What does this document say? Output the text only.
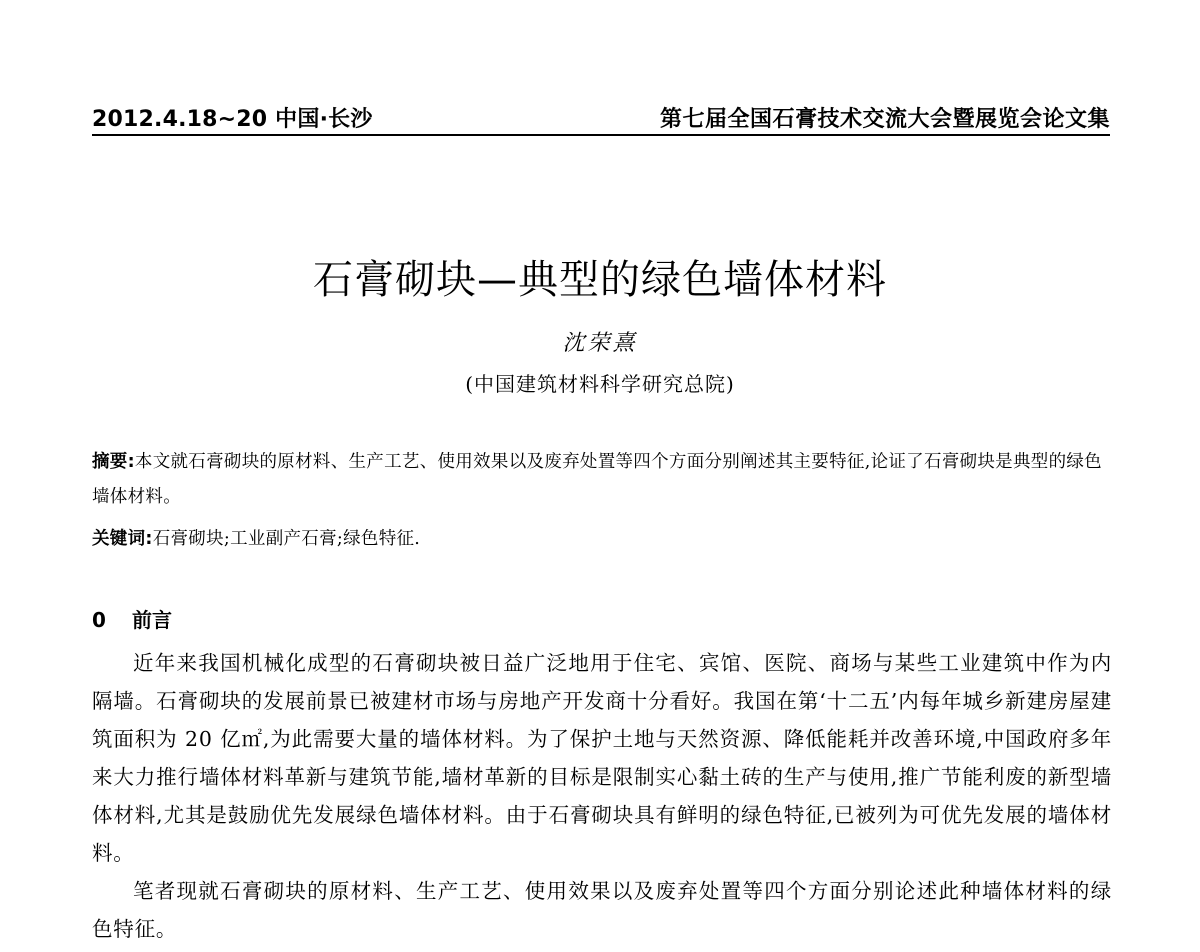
2012.4.18~20 中国·长沙	第七届全国石膏技术交流大会暨展览会论文集
石膏砌块—典型的绿色墙体材料
沈荣熹
(中国建筑材料科学研究总院)
摘要:本文就石膏砌块的原材料、生产工艺、使用效果以及废弃处置等四个方面分别阐述其主要特征,论证了石膏砌块是典型的绿色墙体材料。
关键词:石膏砌块;工业副产石膏;绿色特征.
0 前言

近年来我国机械化成型的石膏砌块被日益广泛地用于住宅、宾馆、医院、商场与某些工业建筑中作为内隔墙。石膏砌块的发展前景已被建材市场与房地产开发商十分看好。我国在第‘十二五’内每年城乡新建房屋建筑面积为 20 亿㎡,为此需要大量的墙体材料。为了保护土地与天然资源、降低能耗并改善环境,中国政府多年来大力推行墙体材料革新与建筑节能,墙材革新的目标是限制实心黏土砖的生产与使用,推广节能利废的新型墙体材料,尤其是鼓励优先发展绿色墙体材料。由于石膏砌块具有鲜明的绿色特征,已被列为可优先发展的墙体材料。

笔者现就石膏砌块的原材料、生产工艺、使用效果以及废弃处置等四个方面分别论述此种墙体材料的绿色特征。
